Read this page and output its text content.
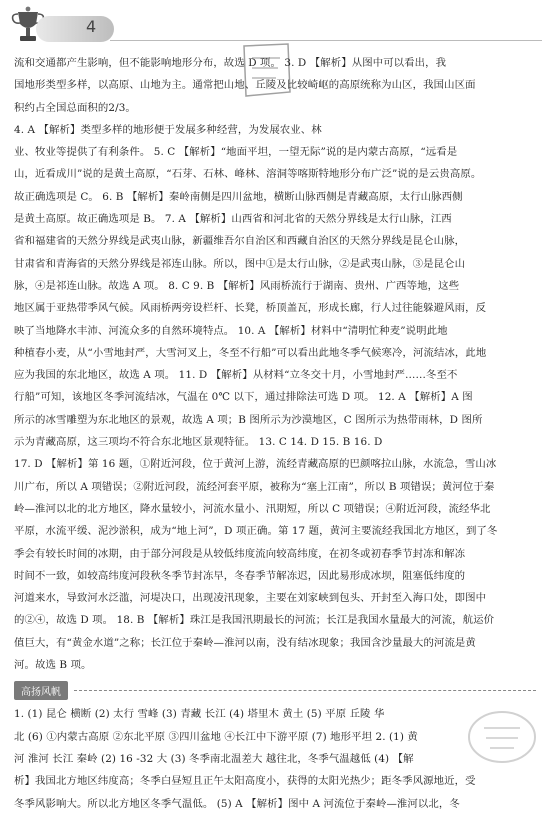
4

流和交通都产生影响，但不能影响地形分布，故选 D 项。 3. D 【解析】从图中可以看出，我

国地形类型多样，以高原、山地为主。通常把山地、丘陵及比较崎岖的高原统称为山区，我国山区面

积约占全国总面积的2/3。

4. A 【解析】类型多样的地形便于发展多种经营，为发展农业、林

业、牧业等提供了有利条件。 5. C 【解析】“地面平坦，一望无际”说的是内蒙古高原，“远看是

山，近看成川”说的是黄土高原，“石芽、石林、峰林、溶洞等喀斯特地形分布广泛”说的是云贵高原。

故正确选项是 C。 6. B 【解析】秦岭南侧是四川盆地，横断山脉西侧是青藏高原，太行山脉西侧

是黄土高原。故正确选项是 B。 7. A 【解析】山西省和河北省的天然分界线是太行山脉，江西

省和福建省的天然分界线是武夷山脉，新疆维吾尔自治区和西藏自治区的天然分界线是昆仑山脉，

甘肃省和青海省的天然分界线是祁连山脉。所以，图中①是太行山脉，②是武夷山脉，③是昆仑山

脉，④是祁连山脉。故选 A 项。 8. C 9. B 【解析】风雨桥流行于湖南、贵州、广西等地，这些

地区属于亚热带季风气候。风雨桥两旁设栏杆、长凳，桥顶盖瓦，形成长廊，行人过往能躲避风雨，反

映了当地降水丰沛、河流众多的自然环境特点。 10. A 【解析】材料中“清明忙种麦”说明此地

种植春小麦，从“小雪地封严，大雪河叉上，冬至不行船”可以看出此地冬季气候寒冷，河流结冰，此地

应为我国的东北地区，故选 A 项。 11. D 【解析】从材料“立冬交十月，小雪地封严……冬至不

行船”可知，该地区冬季河流结冰，气温在 0℃ 以下，通过排除法可选 D 项。 12. A 【解析】A 图

所示的冰雪雕塑为东北地区的景观，故选 A 项；B 图所示为沙漠地区，C 图所示为热带雨林，D 图所

示为青藏高原，这三项均不符合东北地区景观特征。 13. C 14. D 15. B 16. D

17. D 【解析】第 16 题，①附近河段，位于黄河上游，流经青藏高原的巴颜喀拉山脉，水流急，雪山冰

川广布，所以 A 项错误；②附近河段，流经河套平原，被称为“塞上江南”，所以 B 项错误；黄河位于秦

岭—淮河以北的北方地区，降水量较小，河流水量小、汛期短，所以 C 项错误；④附近河段，流经华北

平原，水流平缓、泥沙淤积，成为“地上河”，D 项正确。第 17 题，黄河主要流经我国北方地区，到了冬

季会有较长时间的冰期，由于部分河段是从较低纬度流向较高纬度，在初冬或初春季节封冻和解冻

时间不一致，如较高纬度河段秋冬季节封冻早，冬春季节解冻迟，因此易形成冰坝，阻塞低纬度的

河道来水，导致河水泛滥，河堤决口，出现凌汛现象，主要在刘家峡到包头、开封至入海口处，即图中

的②④，故选 D 项。 18. B 【解析】珠江是我国汛期最长的河流；长江是我国水量最大的河流，航运价

值巨大，有“黄金水道”之称；长江位于秦岭—淮河以南，没有结冰现象；我国含沙量最大的河流是黄

河。故选 B 项。

高扬风帆

1. (1) 昆仑 横断 (2) 太行 雪峰 (3) 青藏 长江 (4) 塔里木 黄土 (5) 平原 丘陵 华

北 (6) ①内蒙古高原 ②东北平原 ③四川盆地 ④长江中下游平原 (7) 地形平坦 2. (1) 黄

河 淮河 长江 秦岭 (2) 16 -32 大 (3) 冬季南北温差大 越往北，冬季气温越低 (4) 【解

析】我国北方地区纬度高；冬季白昼短且正午太阳高度小，获得的太阳光热少；距冬季风源地近，受

冬季风影响大。所以北方地区冬季气温低。 (5) A 【解析】图中 A 河流位于秦岭—淮河以北，冬
